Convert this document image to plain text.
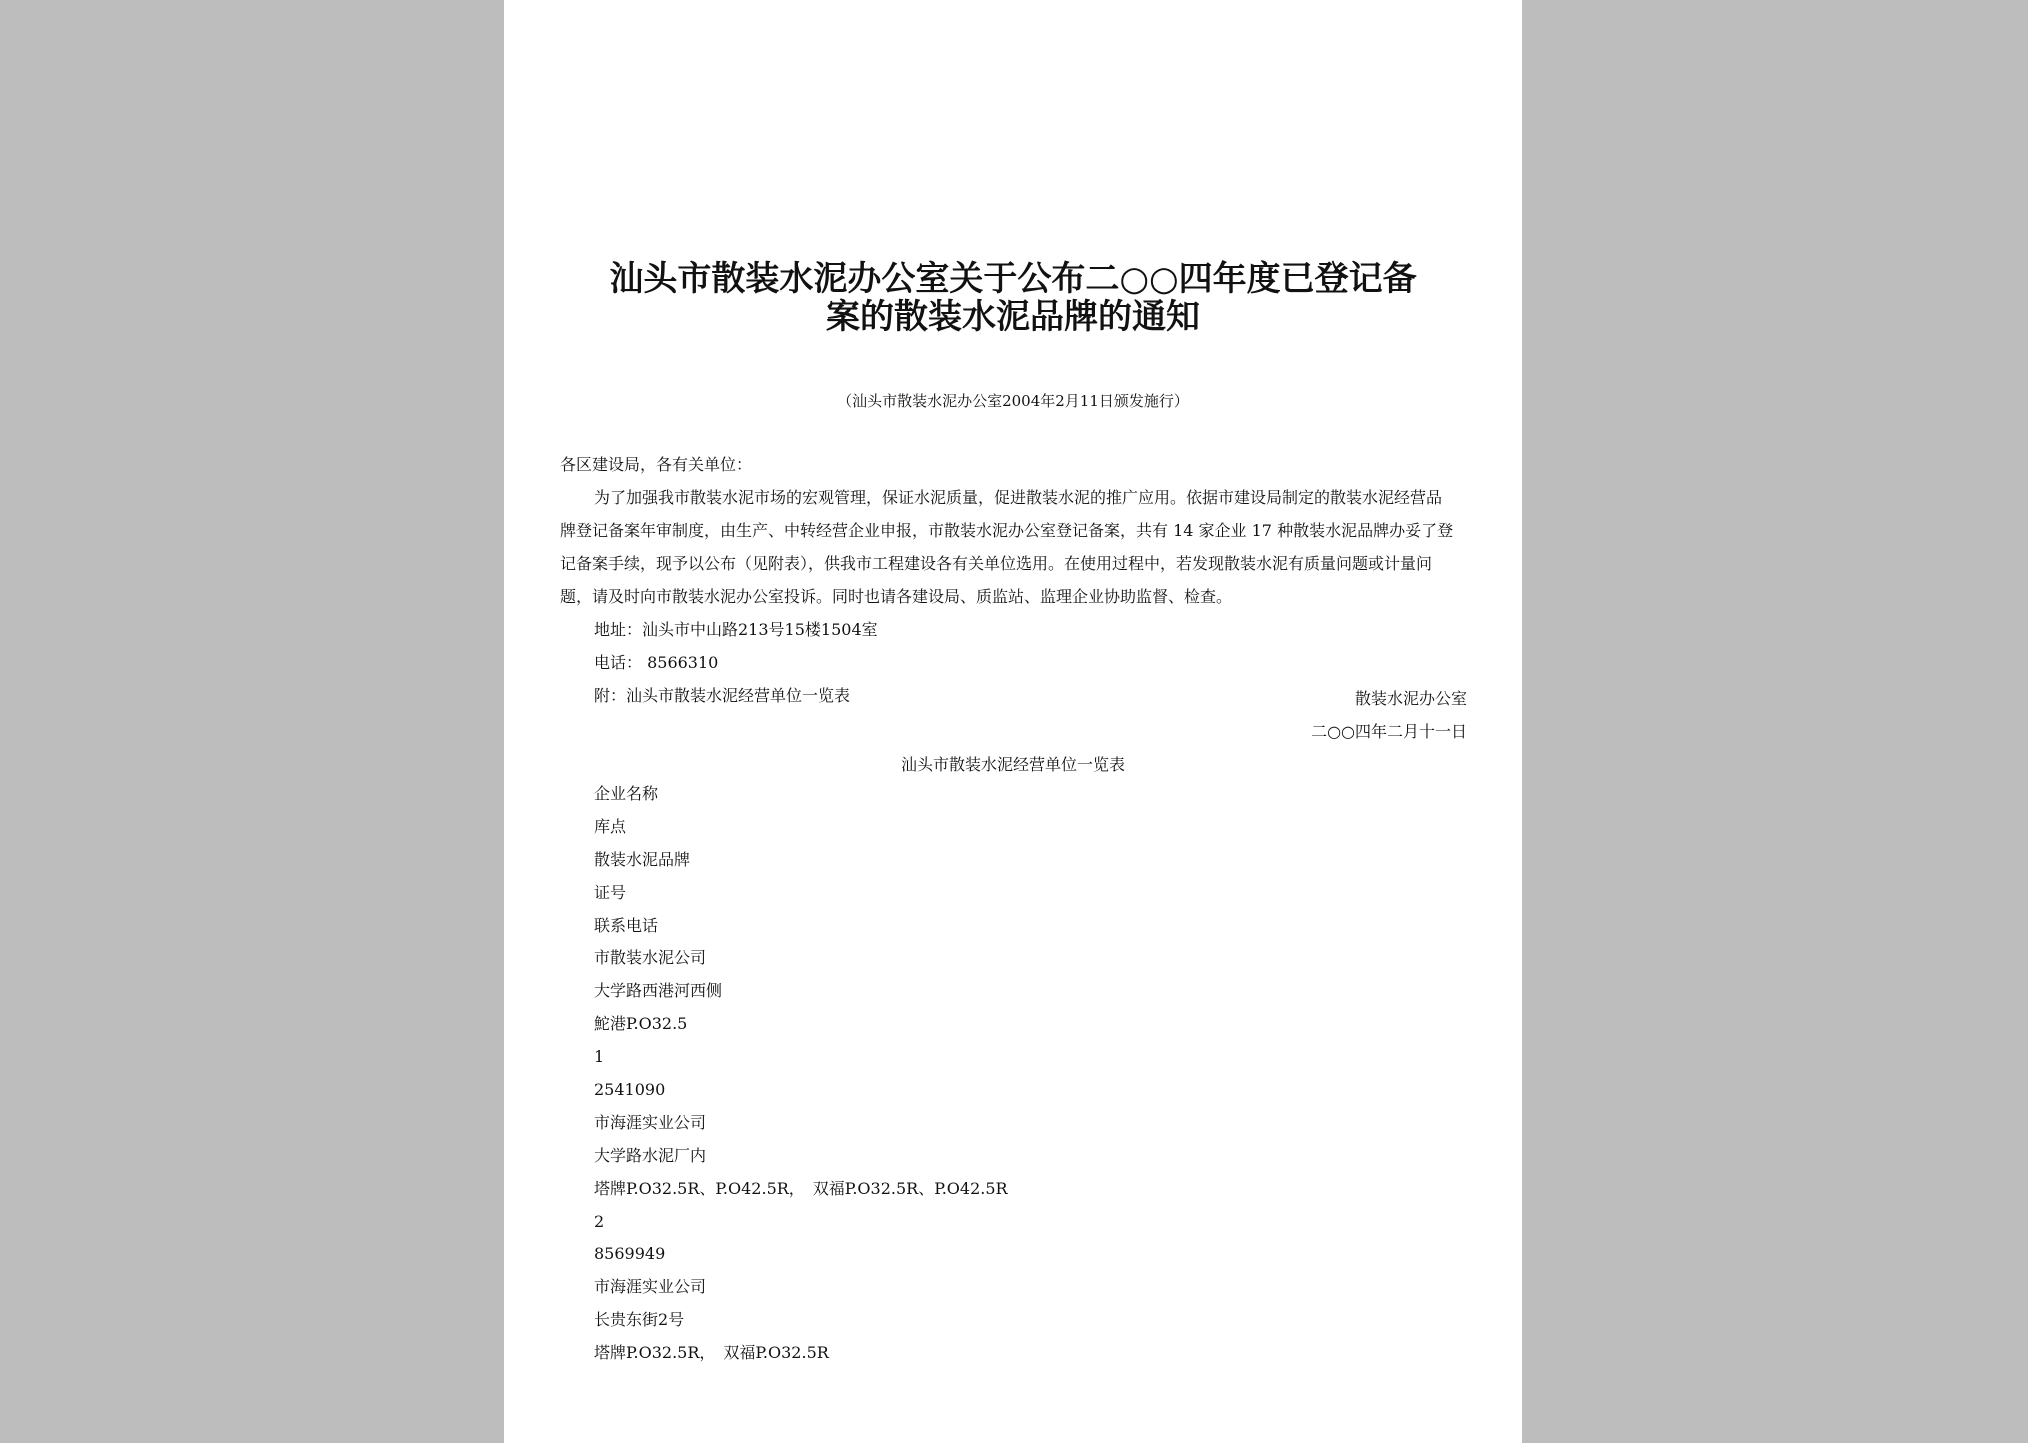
汕头市散装水泥办公室关于公布二○○四年度已登记备
案的散装水泥品牌的通知
（汕头市散装水泥办公室2004年2月11日颁发施行）
各区建设局，各有关单位：
为了加强我市散装水泥市场的宏观管理，保证水泥质量，促进散装水泥的推广应用。依据市建设局制定的散装水泥经营品
牌登记备案年审制度，由生产、中转经营企业申报，市散装水泥办公室登记备案，共有 14 家企业 17 种散装水泥品牌办妥了登
记备案手续，现予以公布（见附表），供我市工程建设各有关单位选用。在使用过程中，若发现散装水泥有质量问题或计量问
题，请及时向市散装水泥办公室投诉。同时也请各建设局、质监站、监理企业协助监督、检查。
地址：汕头市中山路213号15楼1504室
电话： 8566310
附：汕头市散装水泥经营单位一览表	散装水泥办公室
二○○四年二月十一日
汕头市散装水泥经营单位一览表
企业名称
库点
散装水泥品牌
证号
联系电话
市散装水泥公司
大学路西港河西侧
鮀港P.O32.5
1
2541090
市海涯实业公司
大学路水泥厂内
塔牌P.O32.5R、P.O42.5R，　双福P.O32.5R、P.O42.5R
2
8569949
市海涯实业公司
长贵东街2号
塔牌P.O32.5R，　双福P.O32.5R
